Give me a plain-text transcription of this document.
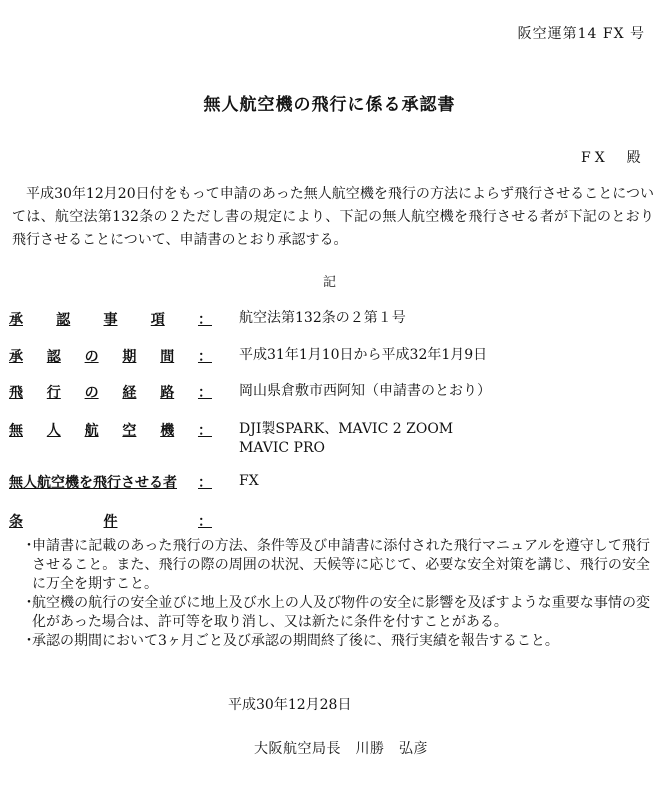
阪空運第14 FX 号
無人航空機の飛行に係る承認書
FX　殿
　平成30年12月20日付をもって申請のあった無人航空機を飛行の方法によらず飛行させることについては、航空法第132条の２ただし書の規定により、下記の無人航空機を飛行させる者が下記のとおり飛行させることについて、申請書のとおり承認する。
記
承 認 事 項 ： 航空法第132条の２第１号
承 認 の 期 間 ： 平成31年1月10日から平成32年1月9日
飛 行 の 経 路 ： 岡山県倉敷市西阿知（申請書のとおり）
無 人 航 空 機 ： DJI製SPARK、MAVIC 2 ZOOM
MAVIC PRO
無人航空機を飛行させる者 ： FX
条	件	：
・
申請書に記載のあった飛行の方法、条件等及び申請書に添付された飛行マニュアルを遵守して飛行させること。また、飛行の際の周囲の状況、天候等に応じて、必要な安全対策を講じ、飛行の安全に万全を期すこと。
・
航空機の航行の安全並びに地上及び水上の人及び物件の安全に影響を及ぼすような重要な事情の変化があった場合は、許可等を取り消し、又は新たに条件を付すことがある。
・
承認の期間において3ヶ月ごと及び承認の期間終了後に、飛行実績を報告すること。
平成30年12月28日
大阪航空局長　川勝　弘彦
